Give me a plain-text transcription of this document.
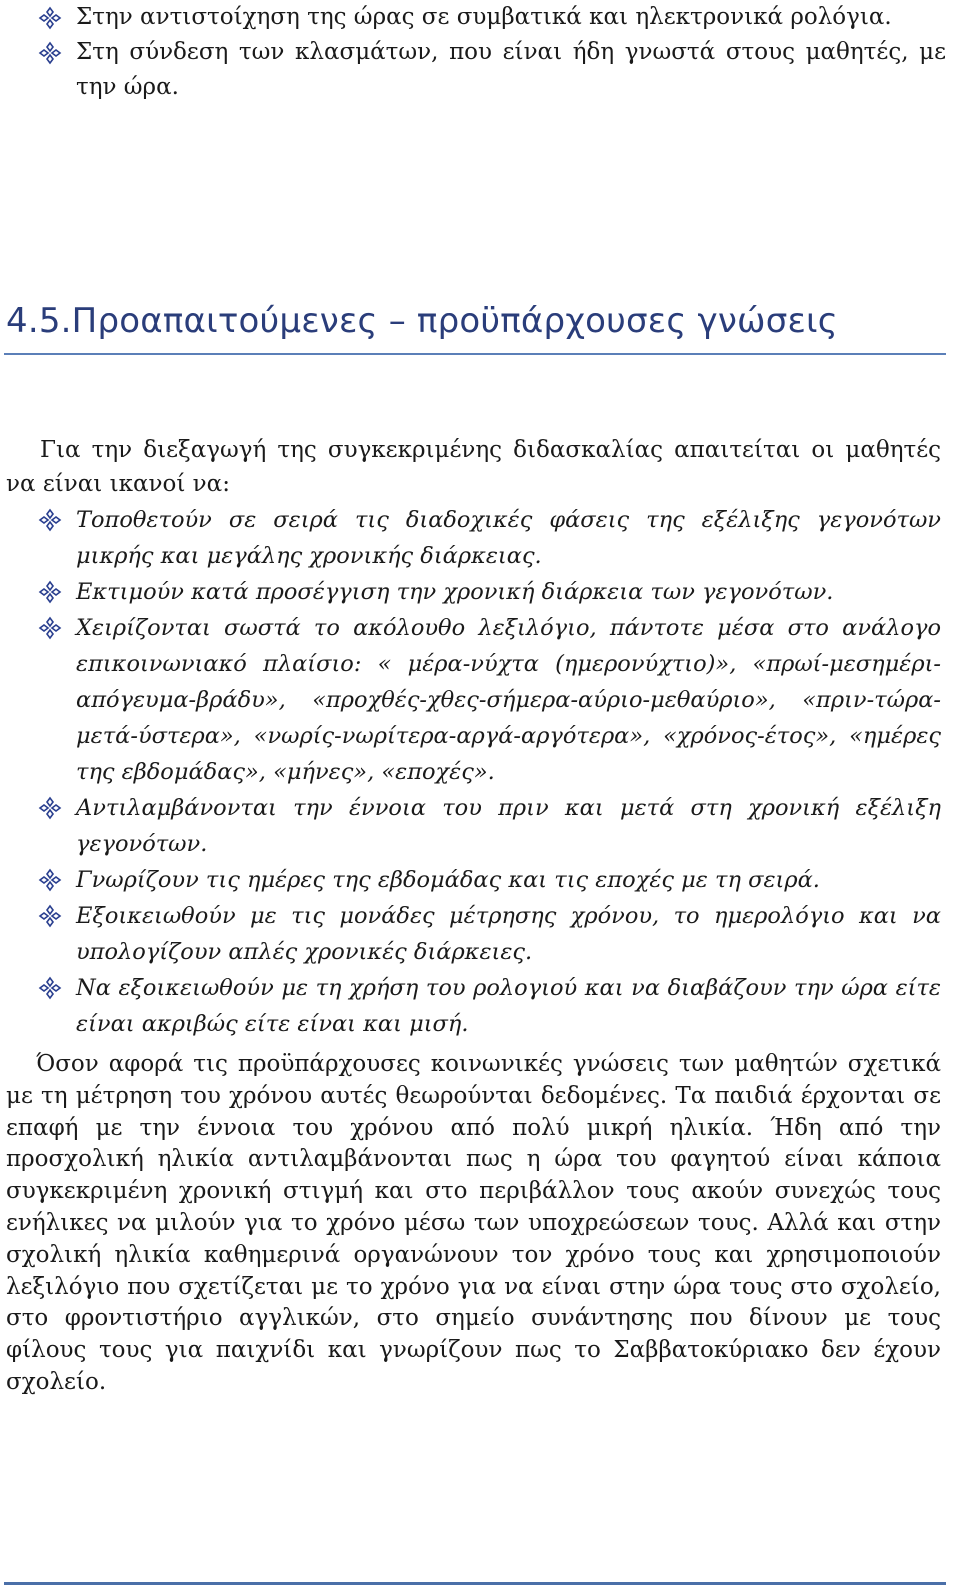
Στην αντιστοίχηση της ώρας σε συμβατικά και ηλεκτρονικά ρολόγια.
Στη σύνδεση των κλασμάτων, που είναι ήδη γνωστά στους μαθητές, με την ώρα.
4.5.Προαπαιτούμενες – προϋπάρχουσες γνώσεις

Για την διεξαγωγή της συγκεκριμένης διδασκαλίας απαιτείται οι μαθητές να είναι ικανοί να:

Τοποθετούν σε σειρά τις διαδοχικές φάσεις της εξέλιξης γεγονότων μικρής και μεγάλης χρονικής διάρκειας.
Εκτιμούν κατά προσέγγιση την χρονική διάρκεια των γεγονότων.
Χειρίζονται σωστά το ακόλουθο λεξιλόγιο, πάντοτε μέσα στο ανάλογο επικοινωνιακό πλαίσιο: « μέρα-νύχτα (ημερονύχτιο)», «πρωί-μεσημέρι-απόγευμα-βράδυ», «προχθές-χθες-σήμερα-αύριο-μεθαύριο», «πριν-τώρα-μετά-ύστερα», «νωρίς-νωρίτερα-αργά-αργότερα», «χρόνος-έτος», «ημέρες της εβδομάδας», «μήνες», «εποχές».
Αντιλαμβάνονται την έννοια του πριν και μετά στη χρονική εξέλιξη γεγονότων.
Γνωρίζουν τις ημέρες της εβδομάδας και τις εποχές με τη σειρά.
Εξοικειωθούν με τις μονάδες μέτρησης χρόνου, το ημερολόγιο και να υπολογίζουν απλές χρονικές διάρκειες.
Να εξοικειωθούν με τη χρήση του ρολογιού και να διαβάζουν την ώρα είτε είναι ακριβώς είτε είναι και μισή.

Όσον αφορά τις προϋπάρχουσες κοινωνικές γνώσεις των μαθητών σχετικά με τη μέτρηση του χρόνου αυτές θεωρούνται δεδομένες. Τα παιδιά έρχονται σε επαφή με την έννοια του χρόνου από πολύ μικρή ηλικία. Ήδη από την προσχολική ηλικία αντιλαμβάνονται πως η ώρα του φαγητού είναι κάποια συγκεκριμένη χρονική στιγμή και στο περιβάλλον τους ακούν συνεχώς τους ενήλικες να μιλούν για το χρόνο μέσω των υποχρεώσεων τους. Αλλά και στην σχολική ηλικία καθημερινά οργανώνουν τον χρόνο τους και χρησιμοποιούν λεξιλόγιο που σχετίζεται με το χρόνο για να είναι στην ώρα τους στο σχολείο, στο φροντιστήριο αγγλικών, στο σημείο συνάντησης που δίνουν με τους φίλους τους για παιχνίδι και γνωρίζουν πως το Σαββατοκύριακο δεν έχουν σχολείο.
